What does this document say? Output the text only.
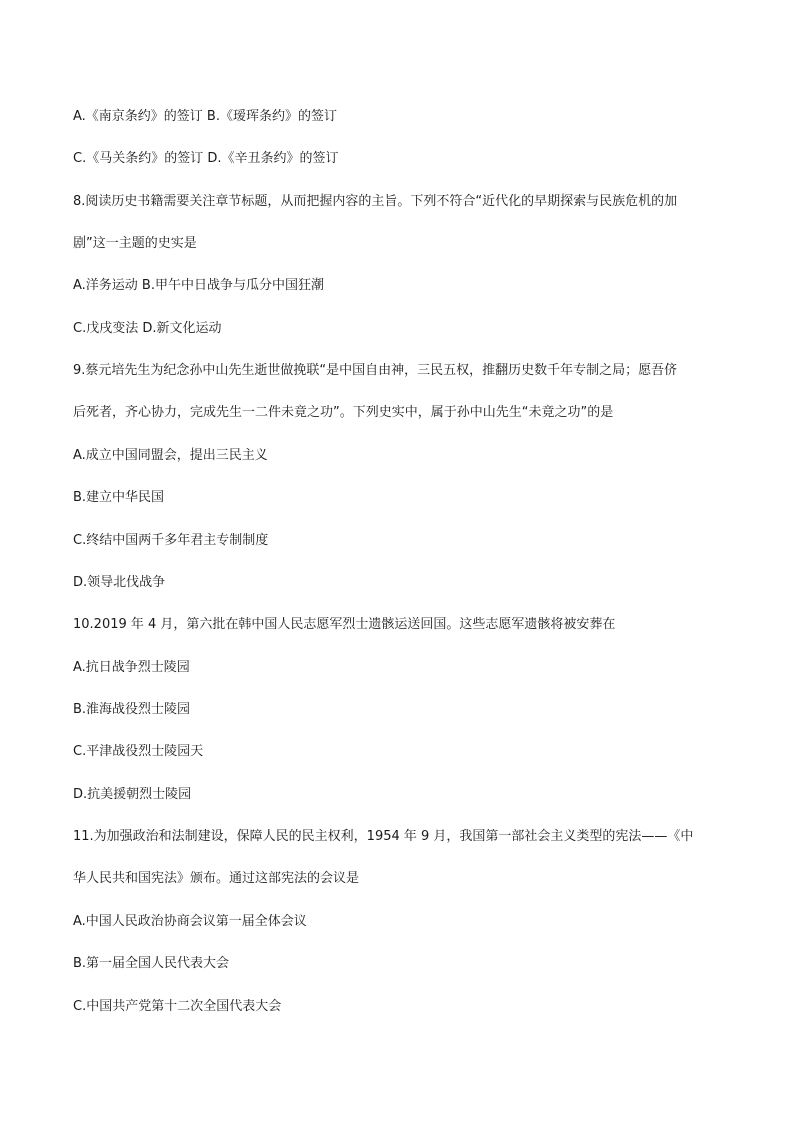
A.《南京条约》的签订 B.《瑷珲条约》的签订
C.《马关条约》的签订 D.《辛丑条约》的签订
8.阅读历史书籍需要关注章节标题，从而把握内容的主旨。下列不符合“近代化的早期探索与民族危机的加
剧”这一主题的史实是
A.洋务运动 B.甲午中日战争与瓜分中国狂潮
C.戊戌变法 D.新文化运动
9.蔡元培先生为纪念孙中山先生逝世做挽联“是中国自由神，三民五权，推翻历史数千年专制之局；愿吾侪
后死者，齐心协力，完成先生一二件未竟之功”。下列史实中，属于孙中山先生“未竟之功”的是
A.成立中国同盟会，提出三民主义
B.建立中华民国
C.终结中国两千多年君主专制制度
D.领导北伐战争
10.2019 年 4 月，第六批在韩中国人民志愿军烈士遗骸运送回国。这些志愿军遗骸将被安葬在
A.抗日战争烈士陵园
B.淮海战役烈士陵园
C.平津战役烈士陵园天
D.抗美援朝烈士陵园
11.为加强政治和法制建设，保障人民的民主权利，1954 年 9 月，我国第一部社会主义类型的宪法——《中
华人民共和国宪法》颁布。通过这部宪法的会议是
A.中国人民政治协商会议第一届全体会议
B.第一届全国人民代表大会
C.中国共产党第十二次全国代表大会
